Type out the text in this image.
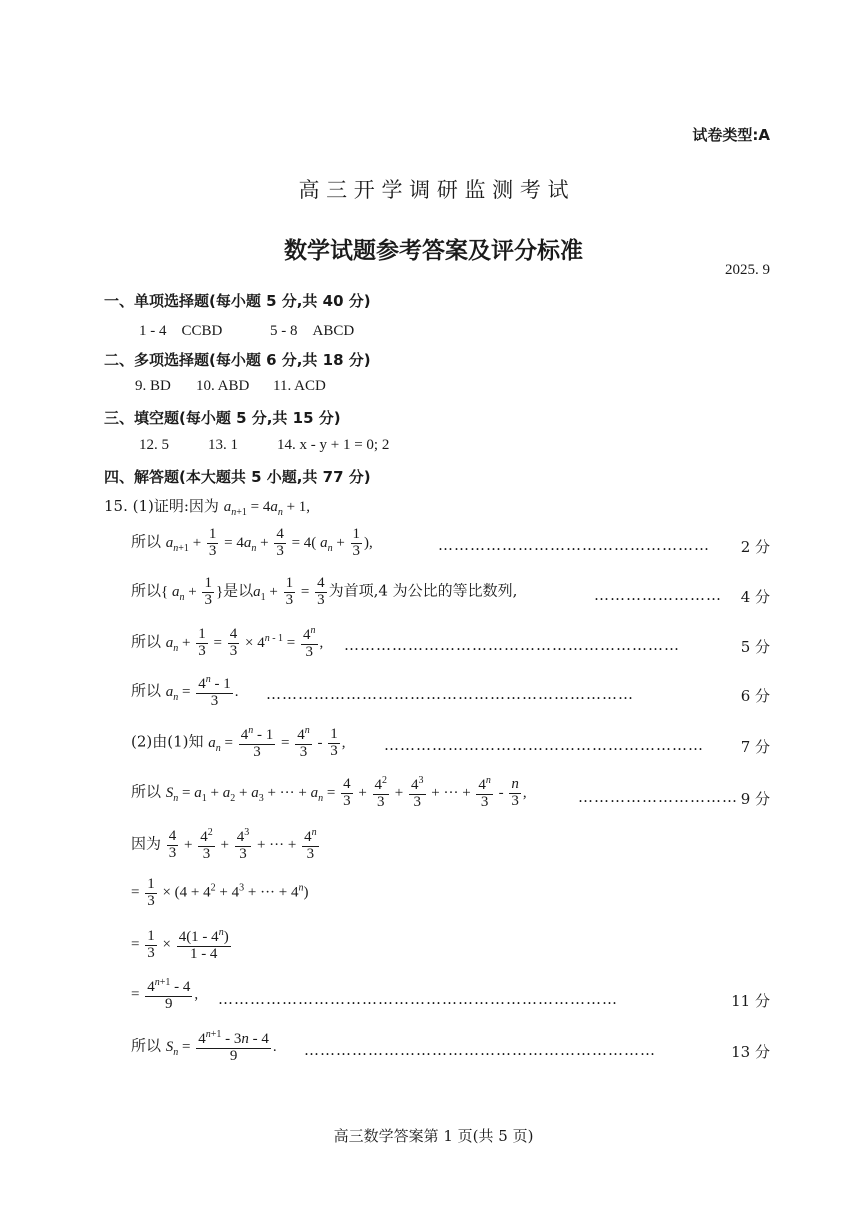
试卷类型:A
高 三 开 学 调 研 监 测 考 试
数学试题参考答案及评分标准
2025. 9
一、单项选择题(每小题 5 分,共 40 分)
1 - 4　CCBD	5 - 8　ABCD
二、多项选择题(每小题 6 分,共 18 分)
9. BD 10. ABD 11. ACD
三、填空题(每小题 5 分,共 15 分)
12. 5	13. 1	14. x - y + 1 = 0; 2
四、解答题(本大题共 5 小题,共 77 分)
15. (1)证明:因为 $a_{n+1} = 4a_n + 1$,
所以 $a_{n+1} + \frac{1}{3} = 4a_n + \frac{4}{3} = 4$( $a_n + \frac{1}{3}$ ),	…………………………………………… 2 分
所以{ $a_n + \frac{1}{3}$ }是以$a_1 + \frac{1}{3} = \frac{4}{3}$ 为首项,4 为公比的等比数列,	…………………… 4 分
所以 $a_n + \frac{1}{3} = \frac{4}{3} \times 4^{n - 1} = \frac{4^n}{3}$ , ………………………………………………………	5 分
所以 $a_n = \frac{4^n - 1}{3}$ . ……………………………………………………………	6 分
(2)由(1)知 $a_n = \frac{4^n - 1}{3} = \frac{4^n}{3} - \frac{1}{3}$ ,	…………………………………………………… 7 分
所以 $S_n = a_1 + a_2 + a_3$ + ··· + $a_n = \frac{4}{3} + \frac{4^2}{3} + \frac{4^3}{3}$ + ··· + $\frac{4^n}{3} - \frac{n}{3}$ ,	………………………… 9 分
因为 $\frac{4}{3} + \frac{4^2}{3} + \frac{4^3}{3}$ + ··· + $\frac{4^n}{3}$
= $\frac{1}{3} \times (4 + 4^2 + 4^3$ + ··· + $4^n$)
= $\frac{1}{3} \times \frac{4(1 - 4^n)}{1 - 4}$
= $\frac{4^{n+1} - 4}{9}$ , …………………………………………………………………	11 分
所以 $S_n = \frac{4^{n+1} - 3n - 4}{9}$ . …………………………………………………………	13 分
高三数学答案第 1 页(共 5 页)
